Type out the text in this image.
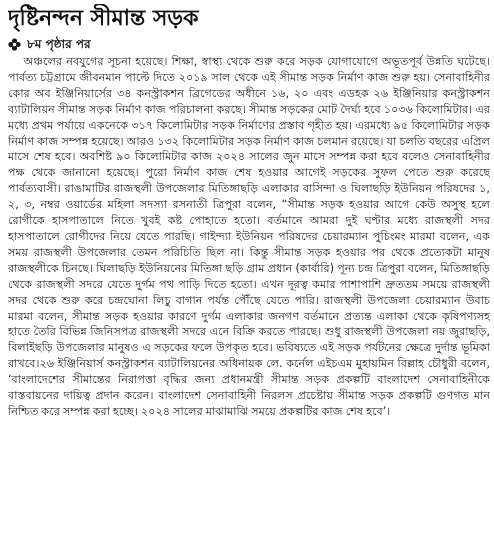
দৃষ্টিনন্দন সীমান্ত সড়ক
৮ম পৃষ্ঠার পর

অঞ্চলের নবযুগের সূচনা হয়েছে। শিক্ষা, স্বাস্থ্য থেকে শুরু করে সড়ক যোগাযোগে অভূতপূর্ব উন্নতি ঘটেছে। পার্বত্য চট্টগ্রামে জীবনমান পাল্টে দিতে ২০১৯ সাল থেকে এই সীমান্ত সড়ক নির্মাণ কাজ শুরু হয়। সেনাবাহিনীর কোর অব ইঞ্জিনিয়ার্সের ৩৪ কনস্ট্রাকশন ব্রিগেডের অধীনে ১৬, ২০ এবং এডহক ২৬ ইঞ্জিনিয়ার কনস্ট্রাকশন ব্যাটালিয়ন সীমান্ত সড়ক নির্মাণ কাজ পরিচালনা করছে। সীমান্ত সড়কের মোট দৈর্ঘ্য হবে ১০৩৬ কিলোমিটার। এর মধ্যে প্রথম পর্যায়ে একনেকে ৩১৭ কিলোমিটার সড়ক নির্মাণের প্রস্তাব গৃহীত হয়। এরমধ্যে ৯৫ কিলোমিটার সড়ক নির্মাণ কাজ সম্পন্ন হয়েছে। আরও ১৩২ কিলোমিটার সড়ক নির্মাণ কাজ চলমান রয়েছে। যা চলতি বছরের এপ্রিল মাসে শেষ হবে। অবশিষ্ট ৯০ কিলোমিটার কাজ ২০২৪ সালের জুন মাসে সম্পন্ন করা হবে বলেও সেনাবাহিনীর পক্ষ থেকে জানানো হয়েছে। পুরো নির্মাণ কাজ শেষ হওয়ার আগেই সড়কের সুফল পেতে শুরু করেছে পার্বত্যবাসী। রাঙামাটির রাজস্থলী উপজেলার মিতিঙ্গাছড়ি এলাকার বাসিন্দা ও ঘিলাছড়ি ইউনিয়ন পরিষদের ১, ২, ৩, নম্বর ওয়ার্ডের মহিলা সদস্যা রসনাতী ত্রিপুরা বলেন, “সীমান্ত সড়ক হওয়ার আগে কেউ অসুস্থ হলে রোগীকে হাসপাতালে নিতে খুবই কষ্ট পোহাতে হতো। বর্তমানে আমরা দুই ঘণ্টার মধ্যে রাজস্থলী সদর হাসপাতালে রোগীদের নিয়ে যেতে পারছি। গাইন্দ্যা ইউনিয়ন পরিষদের চেয়ারম্যান পুচিংমং মারমা বলেন, এক সময় রাজস্থলী উপজেলার তেমন পরিচিতি ছিল না। কিন্তু সীমান্ত সড়ক হওয়ার পর থেকে প্রত্যেকটা মানুষ রাজস্থলীকে চিনছে। ঘিলাছড়ি ইউনিয়নের মিতিঙ্গা ছড়ি গ্রাম প্রধান (কার্বারি) পূন্য চন্দ্র ত্রিপুরা বলেন, মিতিঙ্গাছড়ি থেকে রাজস্থলী সদরে যেতে দুর্গম পথ পাড়ি দিতে হতো। এখন দূরত্ব কমার পাশাপাশি দ্রুততম সময়ে রাজস্থলী সদর থেকে শুরু করে চন্দ্রঘোনা লিচু বাগান পর্যন্ত পৌঁছে যেতে পারি। রাজস্থলী উপজেলা চেয়ারম্যান উবাচ মারমা বলেন, সীমান্ত সড়ক হওয়ার কারণে দুর্গম এলাকার জনগণ বর্তমানে প্রত্যন্ত এলাকা থেকে কৃষিপণ্যসহ হাতে তৈরি বিভিন্ন জিনিসপত্র রাজস্থলী সদরে এনে বিক্রি করতে পারছে। শুধু রাজস্থলী উপজেলা নয় জুরাছড়ি, বিলাইছড়ি উপজেলার মানুষও এ সড়কের ফলে উপকৃত হবে। ভবিষ্যতে এই সড়ক পর্যটনের ক্ষেত্রে দুর্দান্ত ভূমিকা রাখবে।২৬ ইঞ্জিনিয়ার্স কনস্ট্রাকশন ব্যাটালিয়নের অধিনায়ক লে. কর্নেল এইচএম মুহায়মিন বিল্লাহ চৌধুরী বলেন, ‘বাংলাদেশের সীমান্তের নিরাপত্তা বৃদ্ধির জন্য প্রধানমন্ত্রী সীমান্ত সড়ক প্রকল্পটি বাংলাদেশ সেনাবাহিনীকে বাস্তবায়নের দায়িত্ব প্রদান করেন। বাংলাদেশ সেনাবাহিনী নিরলস প্রচেষ্টায় সীমান্ত সড়ক প্রকল্পটি গুণগত মান নিশ্চিত করে সম্পন্ন করা হচ্ছে। ২০২৪ সালের মাঝামাঝি সময়ে প্রকল্পটির কাজ শেষ হবে’।
